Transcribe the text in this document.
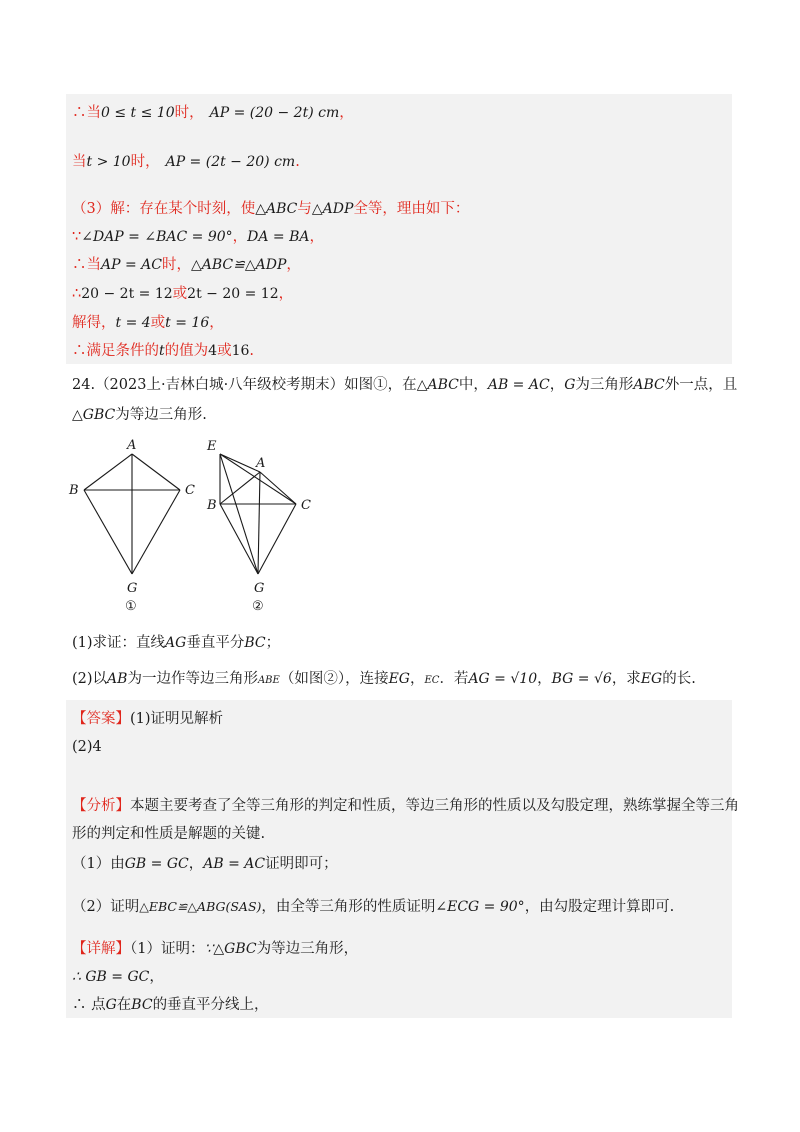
∴当0 ≤ t ≤ 10时， AP = (20 − 2t) cm，
当t > 10时， AP = (2t − 20) cm.
（3）解：存在某个时刻，使△ABC与△ADP全等，理由如下：
∵∠DAP = ∠BAC = 90°，DA = BA，
∴当AP = AC时，△ABC≌△ADP，
∴20 − 2t = 12或2t − 20 = 12，
解得，t = 4或t = 16，
∴满足条件的t的值为4或16.
24.（2023上·吉林白城·八年级校考期末）如图①，在△ABC中，AB = AC，G为三角形ABC外一点，且
△GBC为等边三角形.
A
B	C
G
①
E
A
B	C
G
②
(1)求证：直线AG垂直平分BC；
(2)以AB为一边作等边三角形ABE（如图②），连接EG，EC．若AG = √10，BG = √6，求EG的长.
【答案】(1)证明见解析
(2)4
【分析】本题主要考查了全等三角形的判定和性质，等边三角形的性质以及勾股定理，熟练掌握全等三角
形的判定和性质是解题的关键.
（1）由GB = GC，AB = AC证明即可；
（2）证明△EBC≌△ABG(SAS)，由全等三角形的性质证明∠ECG = 90°，由勾股定理计算即可.
【详解】（1）证明：∵△GBC为等边三角形，
∴ GB = GC，
∴ 点G在BC的垂直平分线上，
